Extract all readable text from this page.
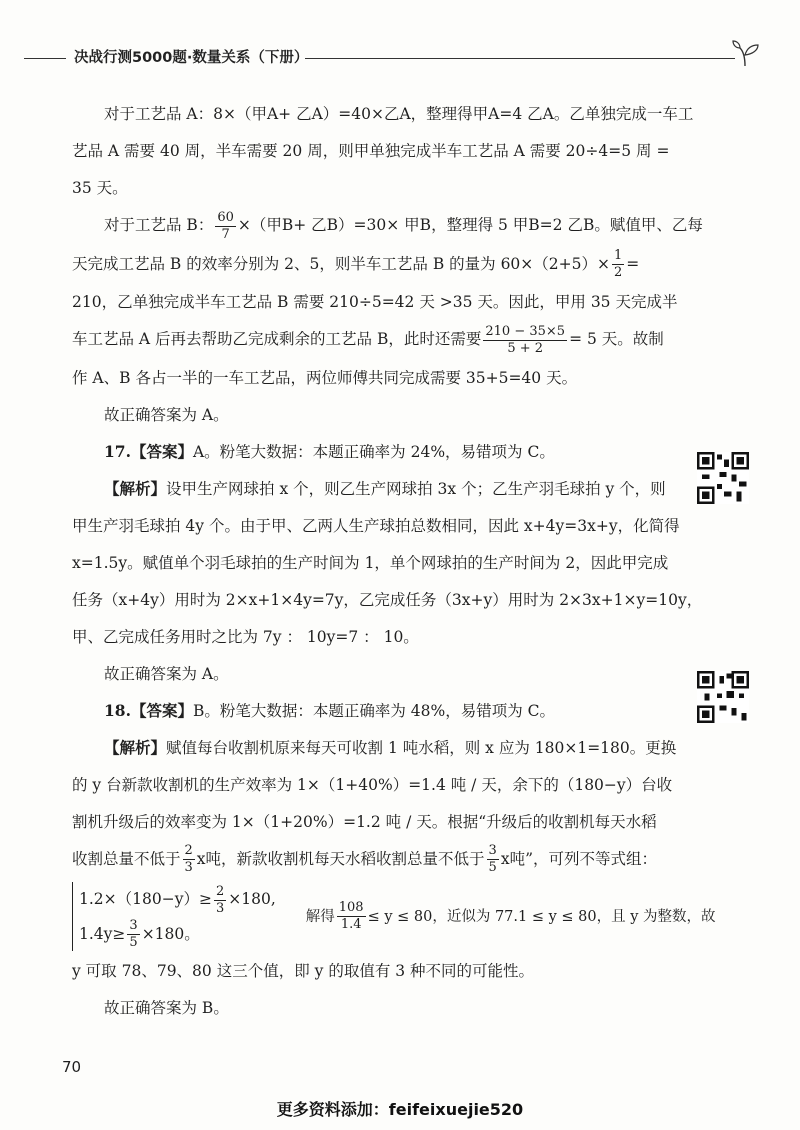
决战行测5000题·数量关系（下册）

对于工艺品 A：8×（甲A+ 乙A）=40×乙A，整理得甲A=4 乙A。乙单独完成一车工

艺品 A 需要 40 周，半车需要 20 周，则甲单独完成半车工艺品 A 需要 20÷4=5 周 =

35 天。

对于工艺品 B： $\frac{60}{7}$ ×（甲B+ 乙B）=30× 甲B，整理得 5 甲B=2 乙B。赋值甲、乙每

天完成工艺品 B 的效率分别为 2、5，则半车工艺品 B 的量为 $60\times(2+5)\times \frac{1}{2}$ =

210，乙单独完成半车工艺品 B 需要 210÷5=42 天 >35 天。因此，甲用 35 天完成半

车工艺品 A 后再去帮助乙完成剩余的工艺品 B，此时还需要 $\frac{210 - 35\times 5}{5 + 2} = 5$ 天。故制

作 A、B 各占一半的一车工艺品，两位师傅共同完成需要 35+5=40 天。

故正确答案为 A。

17.【答案】A。粉笔大数据：本题正确率为 24%，易错项为 C。

【解析】设甲生产网球拍 x 个，则乙生产网球拍 3x 个；乙生产羽毛球拍 y 个，则

甲生产羽毛球拍 4y 个。由于甲、乙两人生产球拍总数相同，因此 x+4y=3x+y，化简得

x=1.5y。赋值单个羽毛球拍的生产时间为 1，单个网球拍的生产时间为 2，因此甲完成

任务（x+4y）用时为 2×x+1×4y=7y，乙完成任务（3x+y）用时为 2×3x+1×y=10y，

甲、乙完成任务用时之比为 7y ： 10y=7 ： 10。

故正确答案为 A。

18.【答案】B。粉笔大数据：本题正确率为 48%，易错项为 C。

【解析】赋值每台收割机原来每天可收割 1 吨水稻，则 x 应为 180×1=180。更换

的 y 台新款收割机的生产效率为 1×（1+40%）=1.4 吨 / 天，余下的（180−y）台收

割机升级后的效率变为 1×（1+20%）=1.2 吨 / 天。根据“升级后的收割机每天水稻

收割总量不低于 $\frac{2}{3}$ x吨，新款收割机每天水稻收割总量不低于 $\frac{3}{5}$ x吨”，可列不等式组：

$1.2\times(180-y)\ge \frac{2}{3} \times 180$,
$1.4y\ge \frac{3}{5} \times 180$。
解得 $\frac{108}{1.4} \le y \le 80$，近似为 77.1 ≤ y ≤ 80，且 y 为整数，故

y 可取 78、79、80 这三个值，即 y 的取值有 3 种不同的可能性。

故正确答案为 B。

70
更多资料添加：feifeixuejie520
